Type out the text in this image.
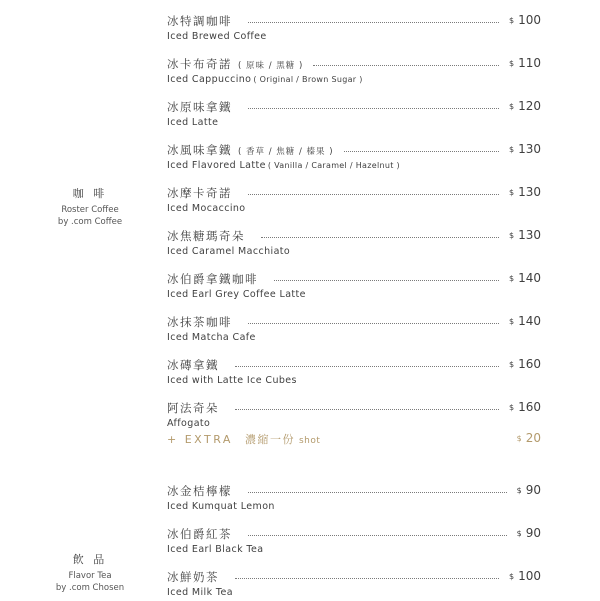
咖 啡
Roster Coffee
by .com Coffee
飲 品
Flavor Tea
by .com Chosen
冰特調咖啡	$ 100
Iced Brewed Coffee
冰卡布奇諾 ( 原味 / 黑糖 )	$ 110
Iced Cappuccino ( Original / Brown Sugar )
冰原味拿鐵	$ 120
Iced Latte
冰風味拿鐵 ( 香草 / 焦糖 / 榛果 )	$ 130
Iced Flavored Latte ( Vanilla / Caramel / Hazelnut )
冰摩卡奇諾	$ 130
Iced Mocaccino
冰焦糖瑪奇朵	$ 130
Iced Caramel Macchiato
冰伯爵拿鐵咖啡	$ 140
Iced Earl Grey Coffee Latte
冰抹茶咖啡	$ 140
Iced Matcha Cafe
冰磚拿鐵	$ 160
Iced with Latte Ice Cubes
阿法奇朵	$ 160
Affogato
冰金桔檸檬	$ 90
Iced Kumquat Lemon
冰伯爵紅茶	$ 90
Iced Earl Black Tea
冰鮮奶茶	$ 100
Iced Milk Tea
+ EXTRA 濃縮一份 shot	$ 20
